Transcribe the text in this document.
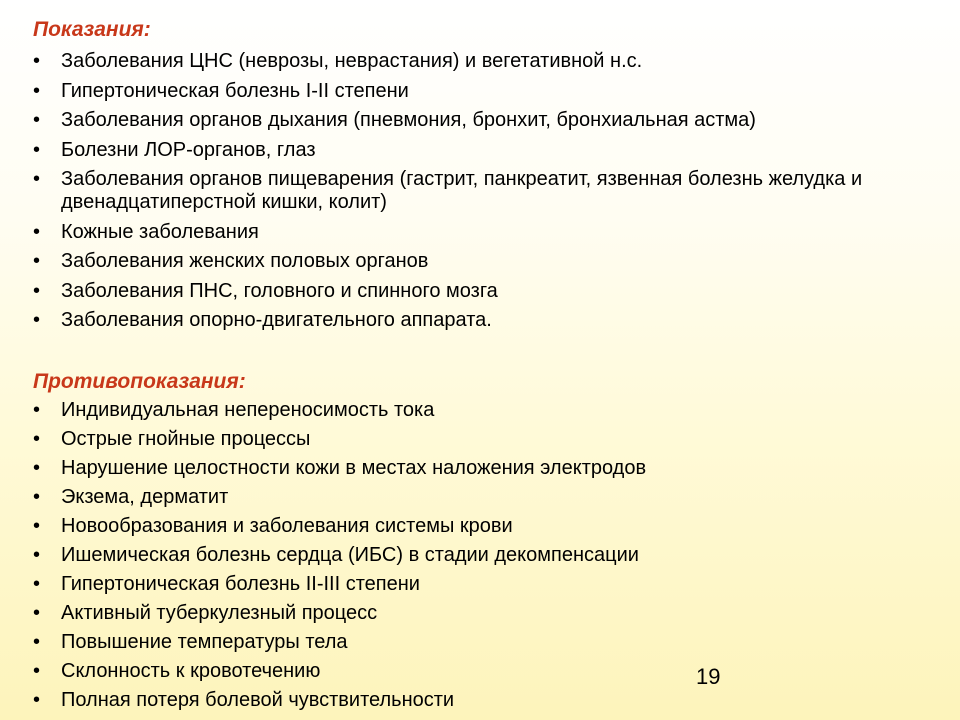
Показания:
•	Заболевания ЦНС (неврозы, неврастания) и вегетативной н.с.
•	Гипертоническая болезнь I-II степени
•	Заболевания органов дыхания (пневмония, бронхит, бронхиальная астма)
•	Болезни ЛОР-органов, глаз
•	Заболевания органов пищеварения (гастрит, панкреатит, язвенная болезнь желудка и двенадцатиперстной кишки, колит)
•	Кожные заболевания
•	Заболевания женских половых органов
•	Заболевания ПНС, головного и спинного мозга
•	Заболевания опорно-двигательного аппарата.
Противопоказания:
•	Индивидуальная непереносимость тока
•	Острые гнойные процессы
•	Нарушение целостности кожи в местах наложения электродов
•	Экзема, дерматит
•	Новообразования и заболевания системы крови
•	Ишемическая болезнь сердца (ИБС) в стадии декомпенсации
•	Гипертоническая болезнь II-III степени
•	Активный туберкулезный процесс
•	Повышение температуры тела
•	Склонность к кровотечению
•	Полная потеря болевой чувствительности
19
